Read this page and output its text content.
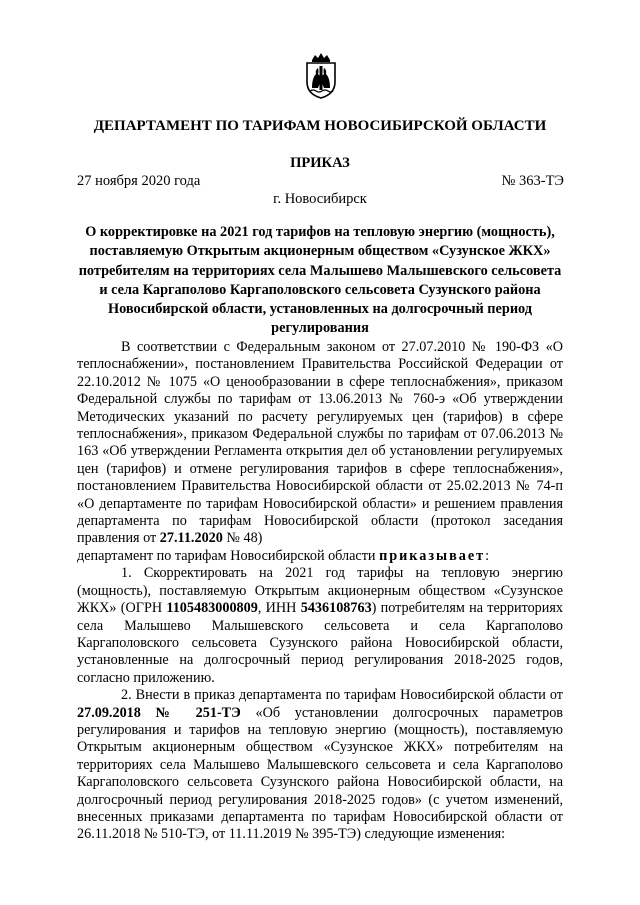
ДЕПАРТАМЕНТ ПО ТАРИФАМ НОВОСИБИРСКОЙ ОБЛАСТИ
ПРИКАЗ
27 ноября 2020 года	№ 363-ТЭ
г. Новосибирск
О корректировке на 2021 год тарифов на тепловую энергию (мощность), поставляемую Открытым акционерным обществом «Сузунское ЖКХ» потребителям на территориях села Малышево Малышевского сельсовета и села Каргаполово Каргаполовского сельсовета Сузунского района Новосибирской области, установленных на долгосрочный период регулирования

В соответствии с Федеральным законом от 27.07.2010 № 190-ФЗ «О теплоснабжении», постановлением Правительства Российской Федерации от 22.10.2012 № 1075 «О ценообразовании в сфере теплоснабжения», приказом Федеральной службы по тарифам от 13.06.2013 № 760-э «Об утверждении Методических указаний по расчету регулируемых цен (тарифов) в сфере теплоснабжения», приказом Федеральной службы по тарифам от 07.06.2013 № 163 «Об утверждении Регламента открытия дел об установлении регулируемых цен (тарифов) и отмене регулирования тарифов в сфере теплоснабжения», постановлением Правительства Новосибирской области от 25.02.2013 № 74-п «О департаменте по тарифам Новосибирской области» и решением правления департамента по тарифам Новосибирской области (протокол заседания правления от 27.11.2020 № 48)

департамент по тарифам Новосибирской области приказывает:

1. Скорректировать на 2021 год тарифы на тепловую энергию (мощность), поставляемую Открытым акционерным обществом «Сузунское ЖКХ» (ОГРН 1105483000809, ИНН 5436108763) потребителям на территориях села Малышево Малышевского сельсовета и села Каргаполово Каргаполовского сельсовета Сузунского района Новосибирской области, установленные на долгосрочный период регулирования 2018-2025 годов, согласно приложению.

2. Внести в приказ департамента по тарифам Новосибирской области от 27.09.2018 № 251-ТЭ «Об установлении долгосрочных параметров регулирования и тарифов на тепловую энергию (мощность), поставляемую Открытым акционерным обществом «Сузунское ЖКХ» потребителям на территориях села Малышево Малышевского сельсовета и села Каргаполово Каргаполовского сельсовета Сузунского района Новосибирской области, на долгосрочный период регулирования 2018-2025 годов» (с учетом изменений, внесенных приказами департамента по тарифам Новосибирской области от 26.11.2018 № 510-ТЭ, от 11.11.2019 № 395-ТЭ) следующие изменения:
